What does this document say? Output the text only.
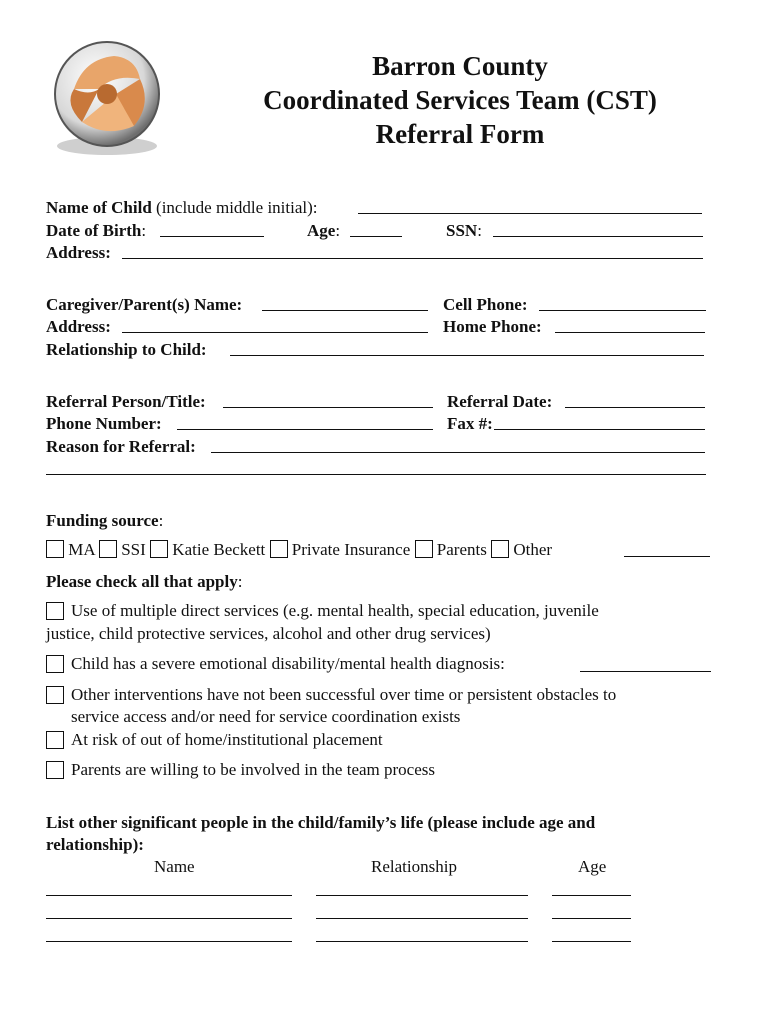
Barron County
Coordinated Services Team (CST)
Referral Form
Name of Child (include middle initial):
Date of Birth:	Age:	SSN:
Address:
Caregiver/Parent(s) Name:	Cell Phone:
Address:	Home Phone:
Relationship to Child:
Referral Person/Title:	Referral Date:
Phone Number:	Fax #:
Reason for Referral:
Funding source:
MA SSI Katie Beckett Private Insurance Parents Other
Please check all that apply:
Use of multiple direct services (e.g. mental health, special education, juvenile
justice, child protective services, alcohol and other drug services)
Child has a severe emotional disability/mental health diagnosis:
Other interventions have not been successful over time or persistent obstacles to
service access and/or need for service coordination exists
At risk of out of home/institutional placement
Parents are willing to be involved in the team process
List other significant people in the child/family’s life (please include age and
relationship):
Name	Relationship	Age
